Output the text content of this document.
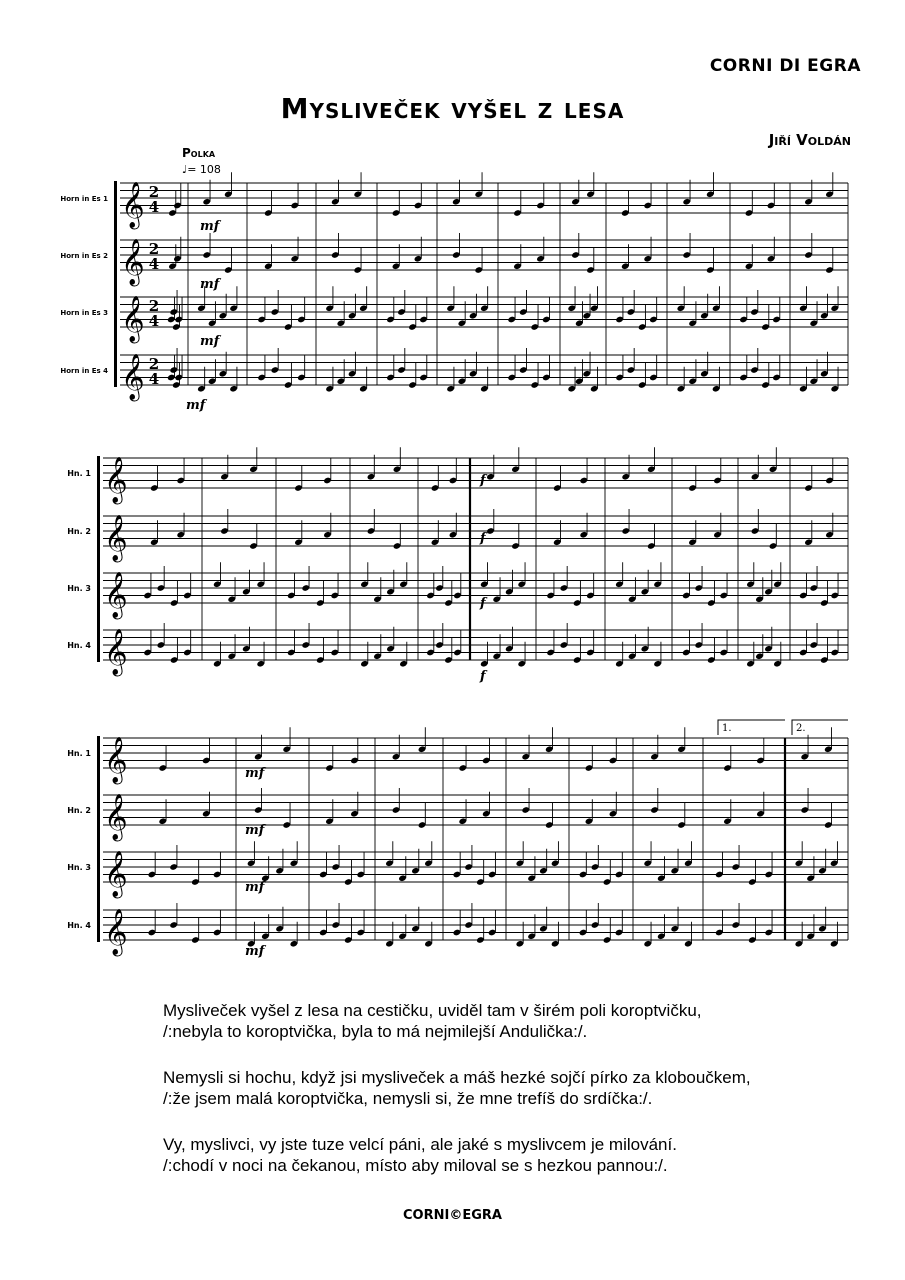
CORNI DI EGRA
Mysliveček vyšel z lesa
Jiří Voldán
Polka
♩= 108
Horn in Es 1 𝄞 2
4
Horn in Es 2 𝄞 2
4
Horn in Es 3 𝄞 2
4
Horn in Es 4 𝄞 2
4
Hn. 1 𝄞
Hn. 2 𝄞
Hn. 3 𝄞
Hn. 4 𝄞
Hn. 1 𝄞
Hn. 2 𝄞
Hn. 3 𝄞
Hn. 4 𝄞
mf
mf
mf
mf
f
f
f
f
mf
mf
mf
mf
1.	2.
Mysliveček vyšel z lesa na cestičku, uviděl tam v širém poli koroptvičku,
/:nebyla to koroptvička, byla to má nejmilejší Andulička:/.
Nemysli si hochu, když jsi mysliveček a máš hezké sojčí pírko za kloboučkem,
/:že jsem malá koroptvička, nemysli si, že mne trefíš do srdíčka:/.
Vy, myslivci, vy jste tuze velcí páni, ale jaké s myslivcem je milování.
/:chodí v noci na čekanou, místo aby miloval se s hezkou pannou:/.
CORNI©EGRA
